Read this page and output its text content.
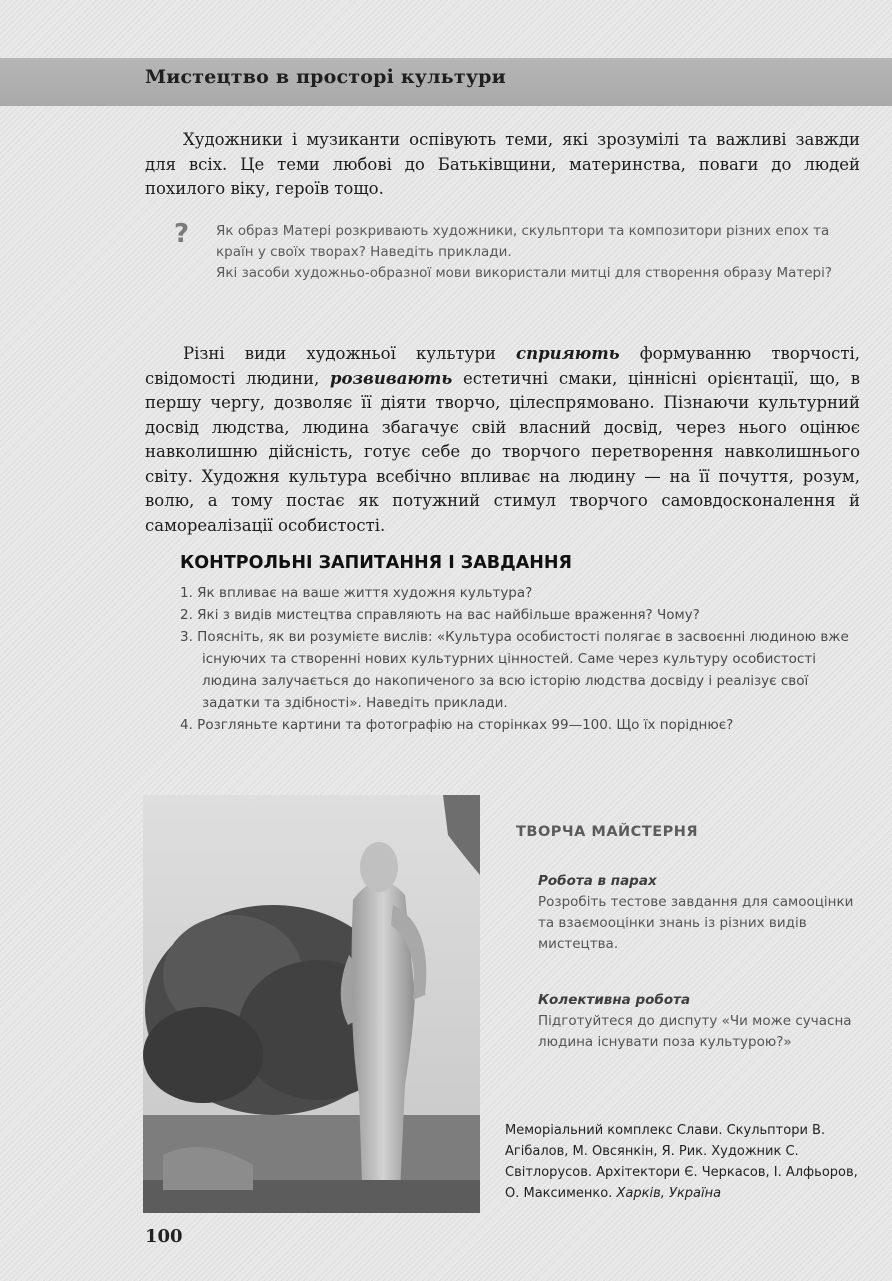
Мистецтво в просторі культури

Художники і музиканти оспівують теми, які зрозумілі та важливі завжди для всіх. Це теми любові до Батьківщини, материнства, поваги до людей похилого віку, героїв тощо.

? Як образ Матері розкривають художники, скульптори та композитори різних епох та країн у своїх творах? Наведіть приклади.

Які засоби художньо-образної мови використали митці для створення образу Матері?

Різні види художньої культури сприяють формуванню творчості, свідомості людини, розвивають естетичні смаки, ціннісні орієнтації, що, в першу чергу, дозволяє її діяти творчо, цілеспрямовано. Пізнаючи культурний досвід людства, людина збагачує свій власний досвід, через нього оцінює навколишню дійсність, готує себе до творчого перетворення навколишнього світу. Художня культура всебічно впливає на людину — на її почуття, розум, волю, а тому постає як потужний стимул творчого самовдосконалення й самореалізації особистості.

КОНТРОЛЬНІ ЗАПИТАННЯ І ЗАВДАННЯ
1. Як впливає на ваше життя художня культура?
2. Які з видів мистецтва справляють на вас найбільше враження? Чому?
3. Поясніть, як ви розумієте вислів: «Культура особистості полягає в засвоєнні людиною вже існуючих та створенні нових культурних цінностей. Саме через культуру особистості людина залучається до накопиченого за всю історію людства досвіду і реалізує свої задатки та здібності». Наведіть приклади.
4. Розгляньте картини та фотографію на сторінках 99—100. Що їх поріднює?
ТВОРЧА МАЙСТЕРНЯ
Робота в парах
Розробіть тестове завдання для самооцінки та взаємооцінки знань із різних видів мистецтва.
Колективна робота
Підготуйтеся до диспуту «Чи може сучасна людина існувати поза культурою?»
Меморіальний комплекс Слави. Скульптори В. Агібалов, М. Овсянкін, Я. Рик. Художник С. Світлорусов. Архітектори Є. Черкасов, І. Алфьоров, О. Максименко. Харків, Україна
100
